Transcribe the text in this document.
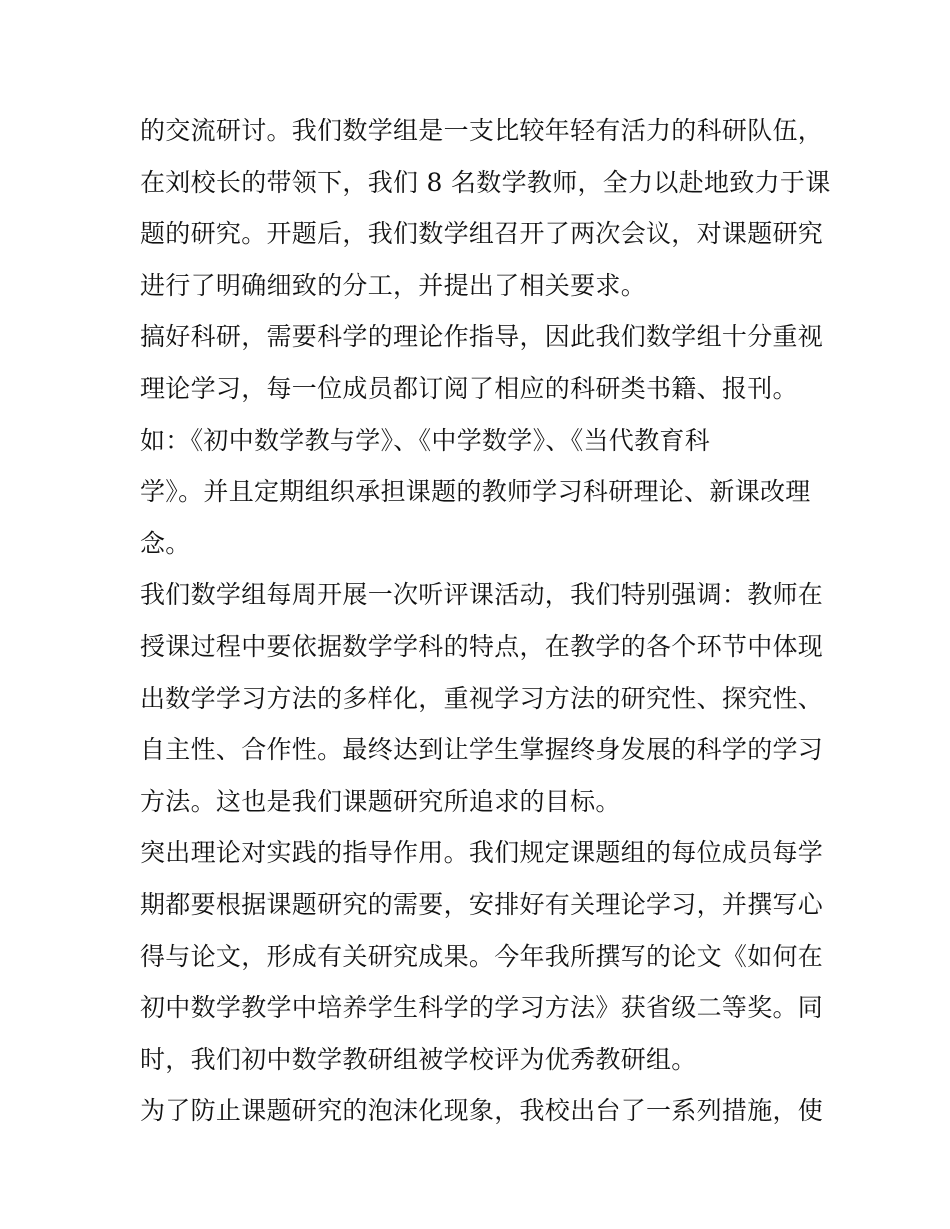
的交流研讨。我们数学组是一支比较年轻有活力的科研队伍，
在刘校长的带领下，我们 8 名数学教师，全力以赴地致力于课
题的研究。开题后，我们数学组召开了两次会议，对课题研究
进行了明确细致的分工，并提出了相关要求。
搞好科研，需要科学的理论作指导，因此我们数学组十分重视
理论学习，每一位成员都订阅了相应的科研类书籍、报刊。
如：《初中数学教与学》、《中学数学》、《当代教育科
学》。并且定期组织承担课题的教师学习科研理论、新课改理
念。
我们数学组每周开展一次听评课活动，我们特别强调：教师在
授课过程中要依据数学学科的特点，在教学的各个环节中体现
出数学学习方法的多样化，重视学习方法的研究性、探究性、
自主性、合作性。最终达到让学生掌握终身发展的科学的学习
方法。这也是我们课题研究所追求的目标。
突出理论对实践的指导作用。我们规定课题组的每位成员每学
期都要根据课题研究的需要，安排好有关理论学习，并撰写心
得与论文，形成有关研究成果。今年我所撰写的论文《如何在
初中数学教学中培养学生科学的学习方法》获省级二等奖。同
时，我们初中数学教研组被学校评为优秀教研组。
为了防止课题研究的泡沫化现象，我校出台了一系列措施，使
